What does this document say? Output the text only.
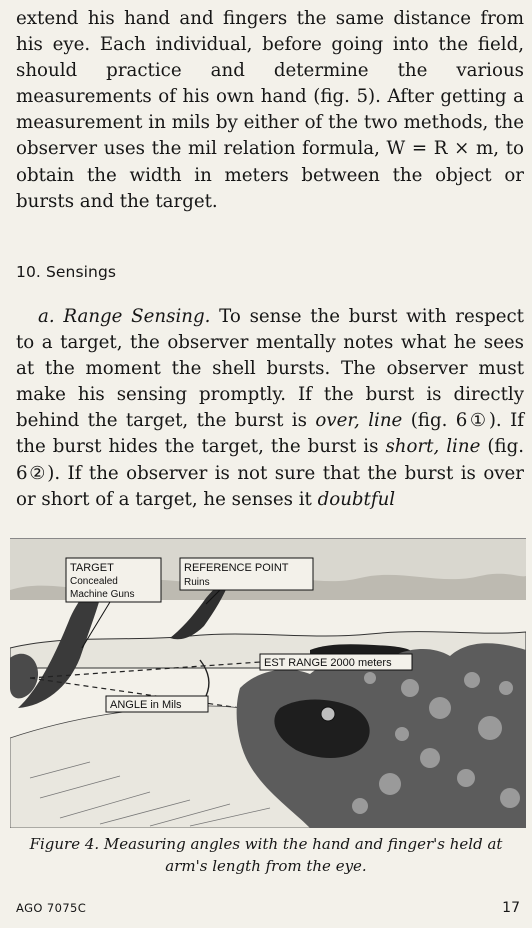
extend his hand and fingers the same distance from his eye. Each individual, before going into the field, should practice and determine the various measurements of his own hand (fig. 5). After getting a measurement in mils by either of the two methods, the observer uses the mil relation formula, W = R × m, to obtain the width in meters between the object or bursts and the target.

10. Sensings

a. Range Sensing. To sense the burst with respect to a target, the observer mentally notes what he sees at the moment the shell bursts. The observer must make his sensing promptly. If the burst is directly behind the target, the burst is over, line (fig. 6①). If the burst hides the target, the burst is short, line (fig. 6②). If the observer is not sure that the burst is over or short of a target, he senses it doubtful

TARGET
Concealed
Machine Guns
REFERENCE POINT
Ruins
EST RANGE 2000 meters
ANGLE in Mils
Figure 4. Measuring angles with the hand and finger's held at arm's length from the eye.
AGO 7075C	17
